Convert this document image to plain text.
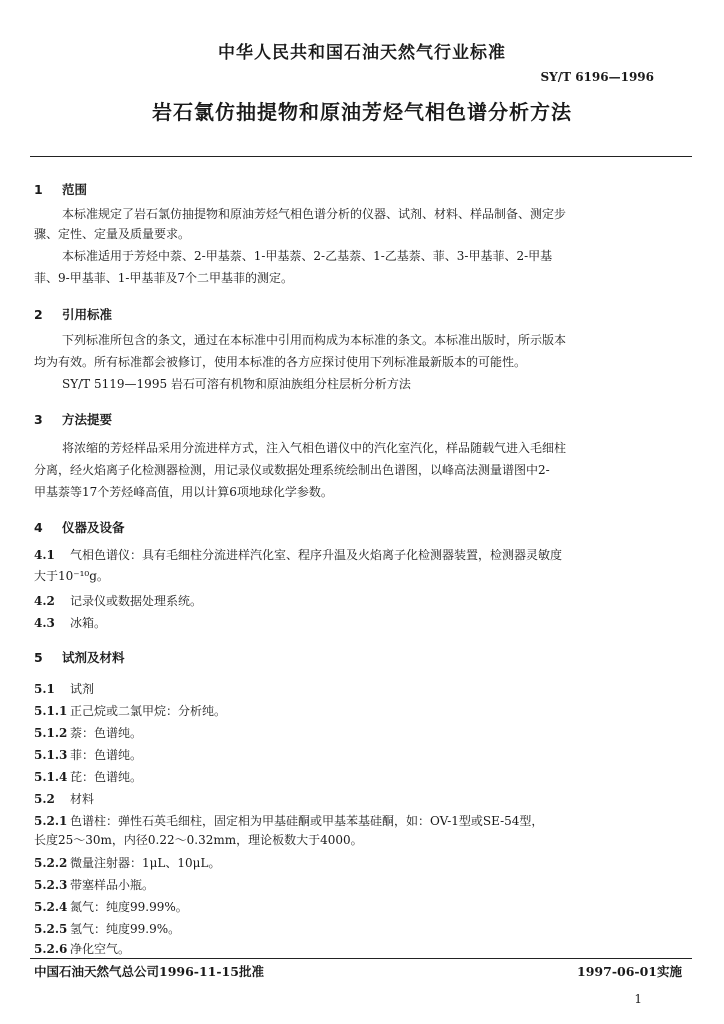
中华人民共和国石油天然气行业标准
SY/T 6196—1996
岩石氯仿抽提物和原油芳烃气相色谱分析方法
1 范围
本标准规定了岩石氯仿抽提物和原油芳烃气相色谱分析的仪器、试剂、材料、样品制备、测定步
骤、定性、定量及质量要求。
本标准适用于芳烃中萘、2-甲基萘、1-甲基萘、2-乙基萘、1-乙基萘、菲、3-甲基菲、2-甲基
菲、9-甲基菲、1-甲基菲及7个二甲基菲的测定。
2 引用标准
下列标准所包含的条文，通过在本标准中引用而构成为本标准的条文。本标准出版时，所示版本
均为有效。所有标准都会被修订，使用本标准的各方应探讨使用下列标准最新版本的可能性。
SY/T 5119—1995 岩石可溶有机物和原油族组分柱层析分析方法
3 方法提要
将浓缩的芳烃样品采用分流进样方式，注入气相色谱仪中的汽化室汽化，样品随载气进入毛细柱
分离，经火焰离子化检测器检测，用记录仪或数据处理系统绘制出色谱图，以峰高法测量谱图中2-
甲基萘等17个芳烃峰高值，用以计算6项地球化学参数。
4 仪器及设备
4.1 气相色谱仪：具有毛细柱分流进样汽化室、程序升温及火焰离子化检测器装置，检测器灵敏度
大于10⁻¹⁰g。
4.2 记录仪或数据处理系统。
4.3 冰箱。
5 试剂及材料
5.1 试剂
5.1.1 正己烷或二氯甲烷：分析纯。
5.1.2 萘：色谱纯。
5.1.3 菲：色谱纯。
5.1.4 芘：色谱纯。
5.2 材料
5.2.1 色谱柱：弹性石英毛细柱，固定相为甲基硅酮或甲基苯基硅酮，如：OV-1型或SE-54型，
长度25～30m，内径0.22～0.32mm，理论板数大于4000。
5.2.2 微量注射器：1μL、10μL。
5.2.3 带塞样品小瓶。
5.2.4 氮气：纯度99.99%。
5.2.5 氢气：纯度99.9%。
5.2.6 净化空气。
中国石油天然气总公司1996-11-15批准	1997-06-01实施
1
